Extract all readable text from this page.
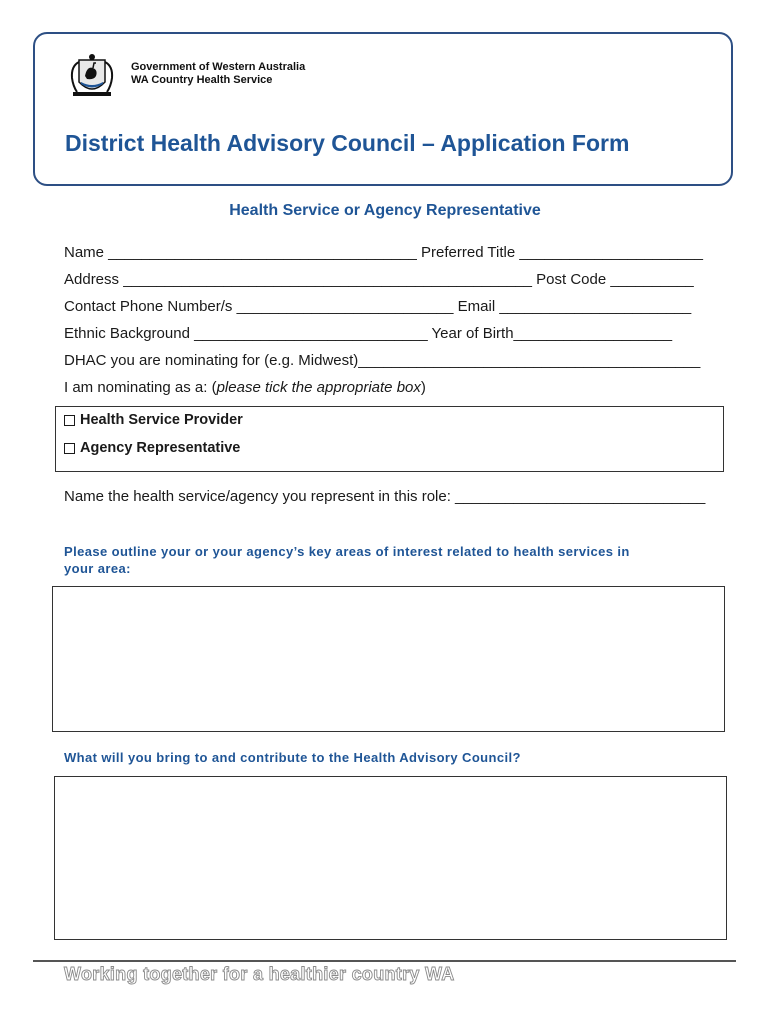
Government of Western Australia
WA Country Health Service
District Health Advisory Council – Application Form
Health Service or Agency Representative
Name _____________________________________ Preferred Title ______________________
Address _________________________________________________ Post Code __________
Contact Phone Number/s __________________________ Email _______________________
Ethnic Background ____________________________ Year of Birth___________________
DHAC you are nominating for (e.g. Midwest)_________________________________________
I am nominating as a: (please tick the appropriate box)
Health Service Provider
Agency Representative
Name the health service/agency you represent in this role: ______________________________
Please outline your or your agency’s key areas of interest related to health services in
your area:
What will you bring to and contribute to the Health Advisory Council?
Working together for a healthier country WA
